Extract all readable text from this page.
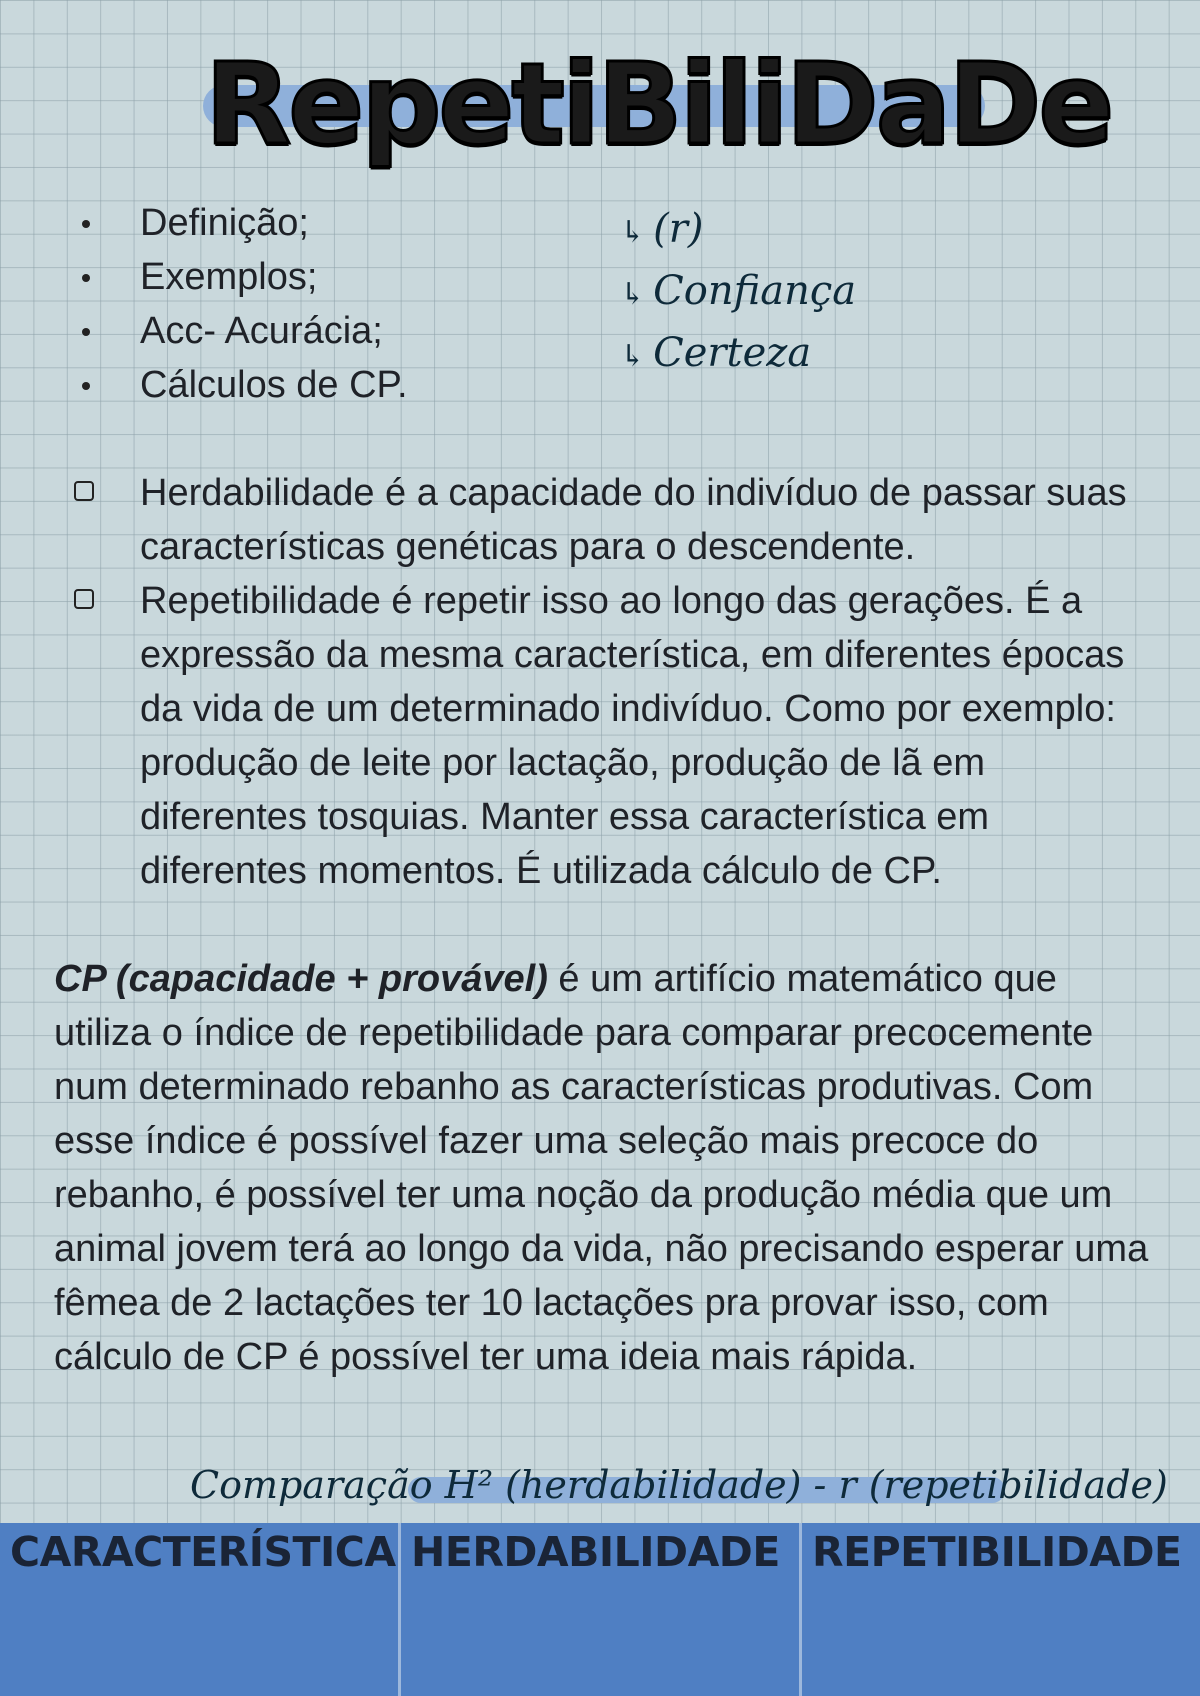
RepetiBiliDaDe
Definição;
Exemplos;
Acc- Acurácia;
Cálculos de CP.
↳ (r)
↳ Confiança
↳ Certeza
Herdabilidade é a capacidade do indivíduo de passar suas características genéticas para o descendente.
Repetibilidade é repetir isso ao longo das gerações. É a expressão da mesma característica, em diferentes épocas da vida de um determinado indivíduo. Como por exemplo: produção de leite por lactação, produção de lã em diferentes tosquias. Manter essa característica em diferentes momentos. É utilizada cálculo de CP.
CP (capacidade + provável) é um artifício matemático que utiliza o índice de repetibilidade para comparar precocemente num determinado rebanho as características produtivas. Com esse índice é possível fazer uma seleção mais precoce do rebanho, é possível ter uma noção da produção média que um animal jovem terá ao longo da vida, não precisando esperar uma fêmea de 2 lactações ter 10 lactações pra provar isso, com cálculo de CP é possível ter uma ideia mais rápida.
Comparação H² (herdabilidade) - r (repetibilidade)
CARACTERÍSTICA HERDABILIDADE REPETIBILIDADE
